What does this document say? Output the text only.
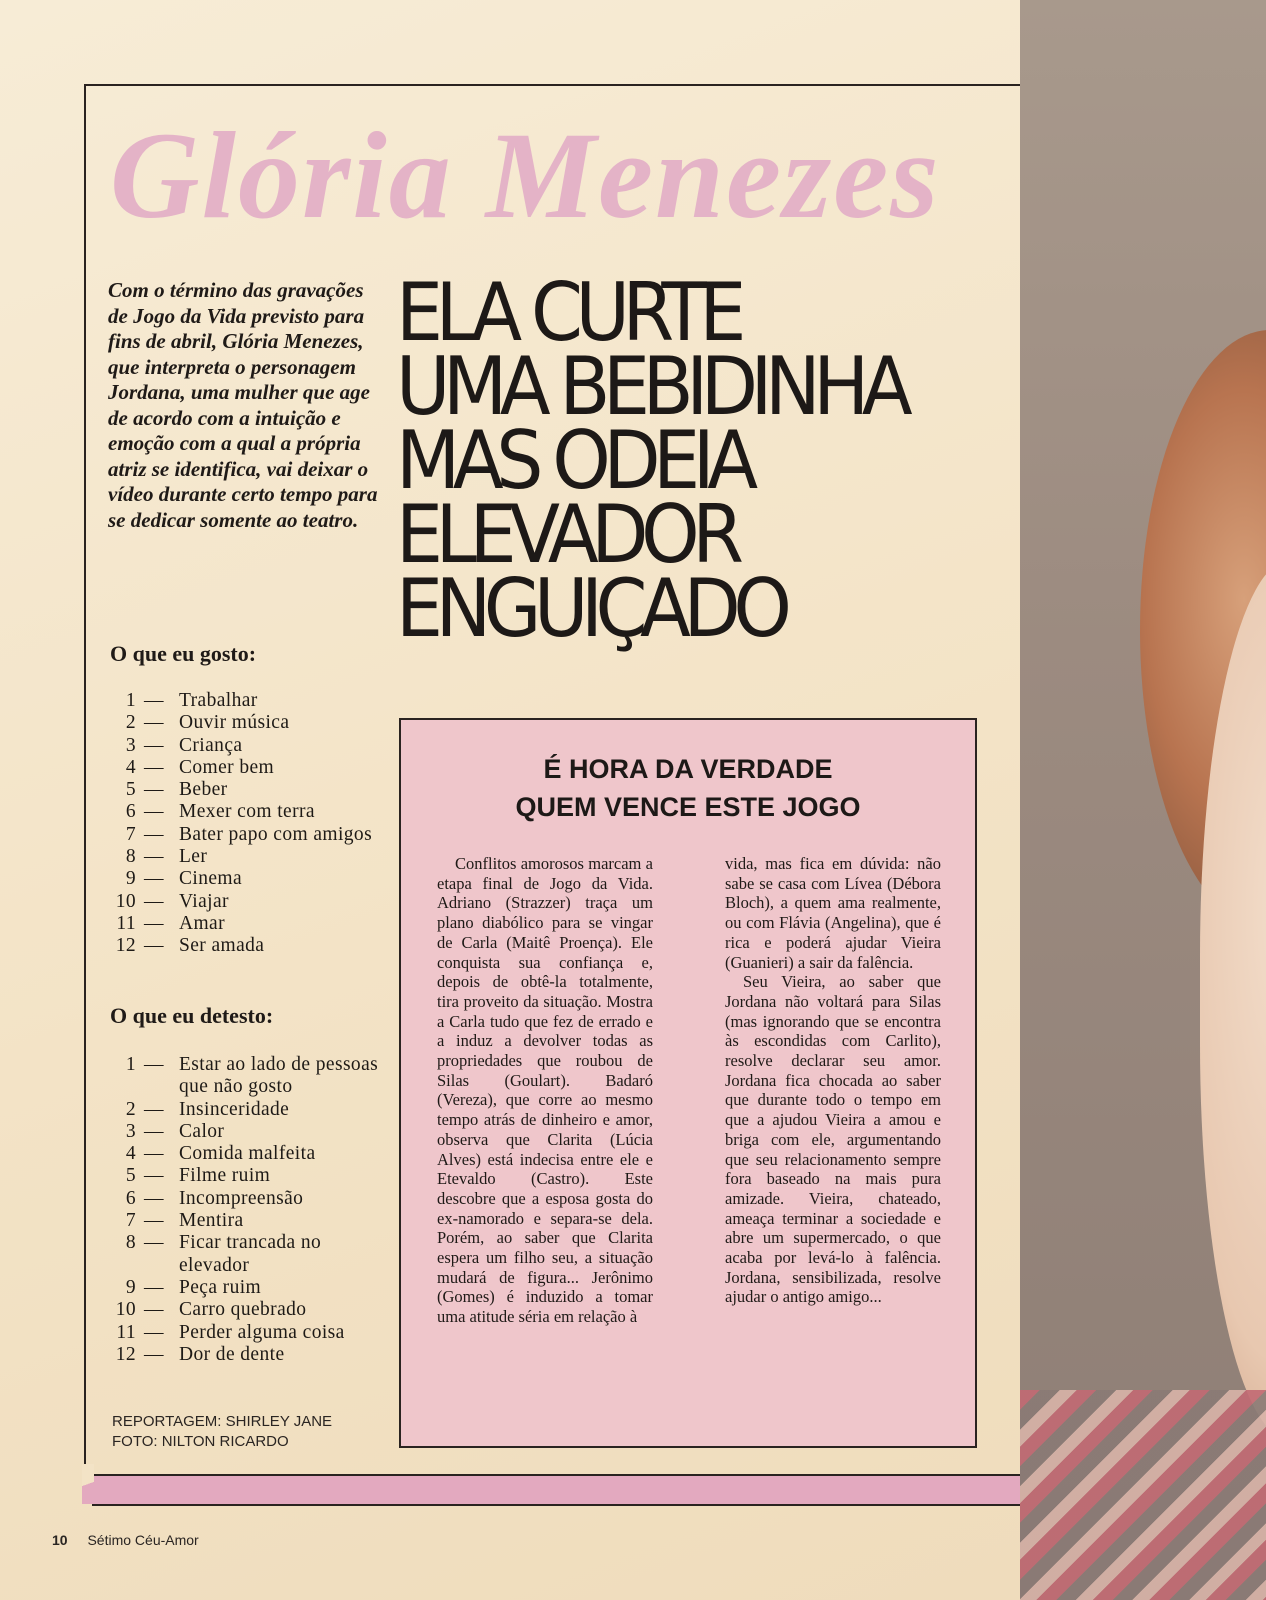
Glória Menezes

Com o término das gravações de Jogo da Vida previsto para fins de abril, Glória Menezes, que interpreta o personagem Jordana, uma mulher que age de acordo com a intuição e emoção com a qual a própria atriz se identifica, vai deixar o vídeo durante certo tempo para se dedicar somente ao teatro.

ELA CURTE
UMA BEBIDINHA
MAS ODEIA
ELEVADOR
ENGUIÇADO
O que eu gosto:
1 — Trabalhar
2 — Ouvir música
3 — Criança
4 — Comer bem
5 — Beber
6 — Mexer com terra
7 — Bater papo com amigos
8 — Ler
9 — Cinema
10 — Viajar
11 — Amar
12 — Ser amada
O que eu detesto:
1 — Estar ao lado de pessoas que não gosto
2 — Insinceridade
3 — Calor
4 — Comida malfeita
5 — Filme ruim
6 — Incompreensão
7 — Mentira
8 — Ficar trancada no elevador
9 — Peça ruim
10 — Carro quebrado
11 — Perder alguma coisa
12 — Dor de dente
REPORTAGEM: SHIRLEY JANE
FOTO: NILTON RICARDO
É HORA DA VERDADE
QUEM VENCE ESTE JOGO

Conflitos amorosos marcam a etapa final de Jogo da Vida. Adriano (Strazzer) traça um plano diabólico para se vingar de Carla (Maitê Proença). Ele conquista sua confiança e, depois de obtê-la totalmente, tira proveito da situação. Mostra a Carla tudo que fez de errado e a induz a devolver todas as propriedades que roubou de Silas (Goulart). Badaró (Vereza), que corre ao mesmo tempo atrás de dinheiro e amor, observa que Clarita (Lúcia Alves) está indecisa entre ele e Etevaldo (Castro). Este descobre que a esposa gosta do ex-namorado e separa-se dela. Porém, ao saber que Clarita espera um filho seu, a situação mudará de figura... Jerônimo (Gomes) é induzido a tomar uma atitude séria em relação à

vida, mas fica em dúvida: não sabe se casa com Lívea (Débora Bloch), a quem ama realmente, ou com Flávia (Angelina), que é rica e poderá ajudar Vieira (Guanieri) a sair da falência.

Seu Vieira, ao saber que Jordana não voltará para Silas (mas ignorando que se encontra às escondidas com Carlito), resolve declarar seu amor. Jordana fica chocada ao saber que durante todo o tempo em que a ajudou Vieira a amou e briga com ele, argumentando que seu relacionamento sempre fora baseado na mais pura amizade. Vieira, chateado, ameaça terminar a sociedade e abre um supermercado, o que acaba por levá-lo à falência. Jordana, sensibilizada, resolve ajudar o antigo amigo...

10 Sétimo Céu-Amor
